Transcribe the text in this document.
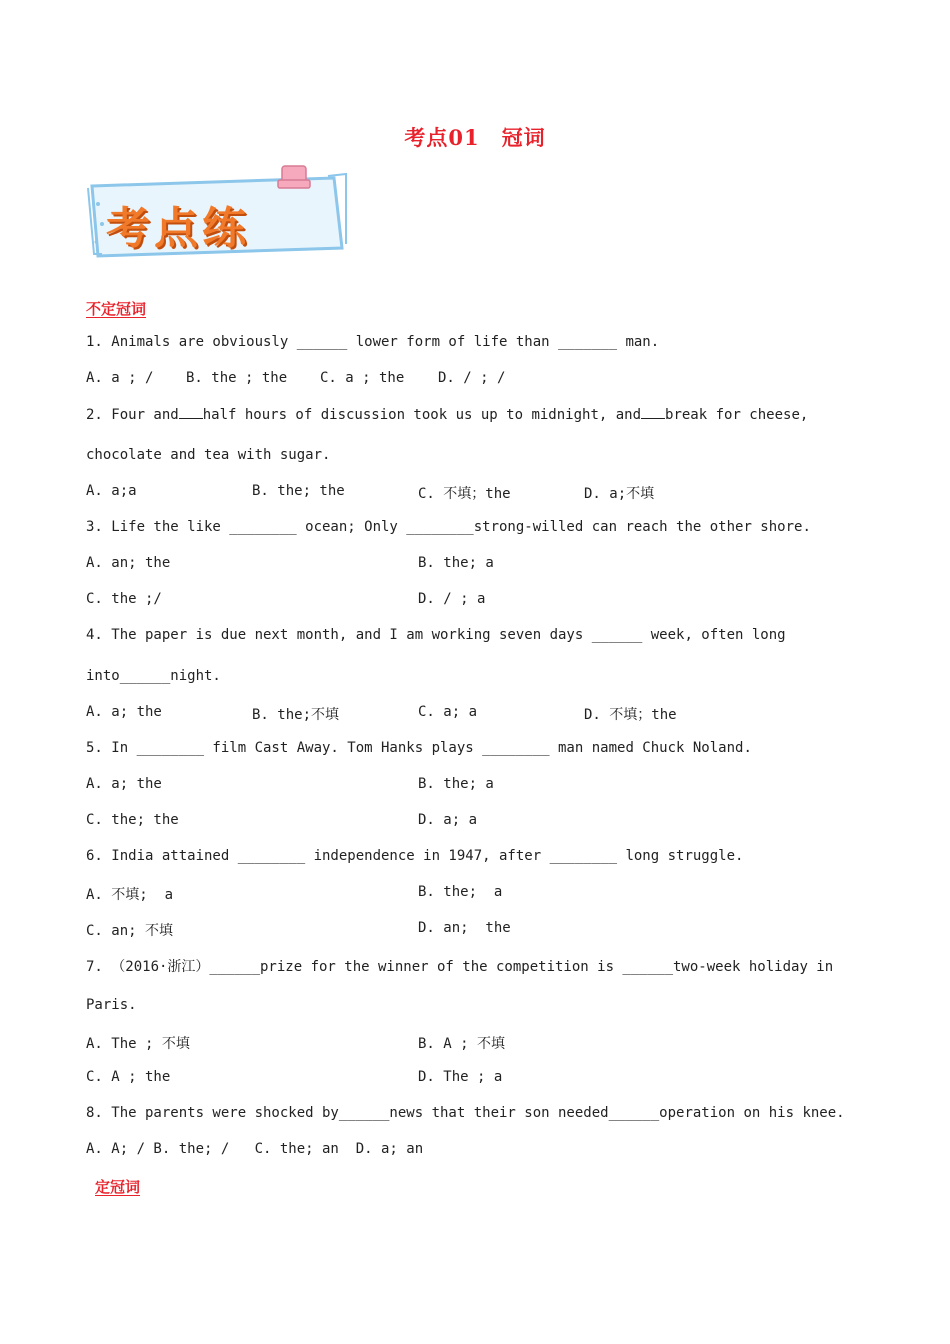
考点01　冠词
考点练
不定冠词
1. Animals are obviously ______ lower form of life than _______ man.
A. a ; / B. the ; the C. a ; the D. / ; /
2. Four and half hours of discussion took us up to midnight, and break for cheese,
chocolate and tea with sugar.
A. a;a	B. the; the	C. 不填；the	D. a;不填
3. Life the like ________ ocean; Only ________strong-willed can reach the other shore.
A. an; the	B. the; a
C. the ;/	D. / ; a
4. The paper is due next month, and I am working seven days ______ week, often long
into______night.
A. a; the	B. the;不填	C. a; a	D. 不填；the
5. In ________ film Cast Away. Tom Hanks plays ________ man named Chuck Noland.
A. a; the	B. the; a
C. the; the	D. a; a
6. India attained ________ independence in 1947, after ________ long struggle.
A. 不填;  a	B. the;  a
C. an; 不填	D. an;  the
7. （2016·浙江）______prize for the winner of the competition is ______two-week holiday in
Paris.
A. The ; 不填	B. A ; 不填
C. A ; the	D. The ; a
8. The parents were shocked by______news that their son needed______operation on his knee.
A. A; / B. the; /   C. the; an  D. a; an
定冠词
